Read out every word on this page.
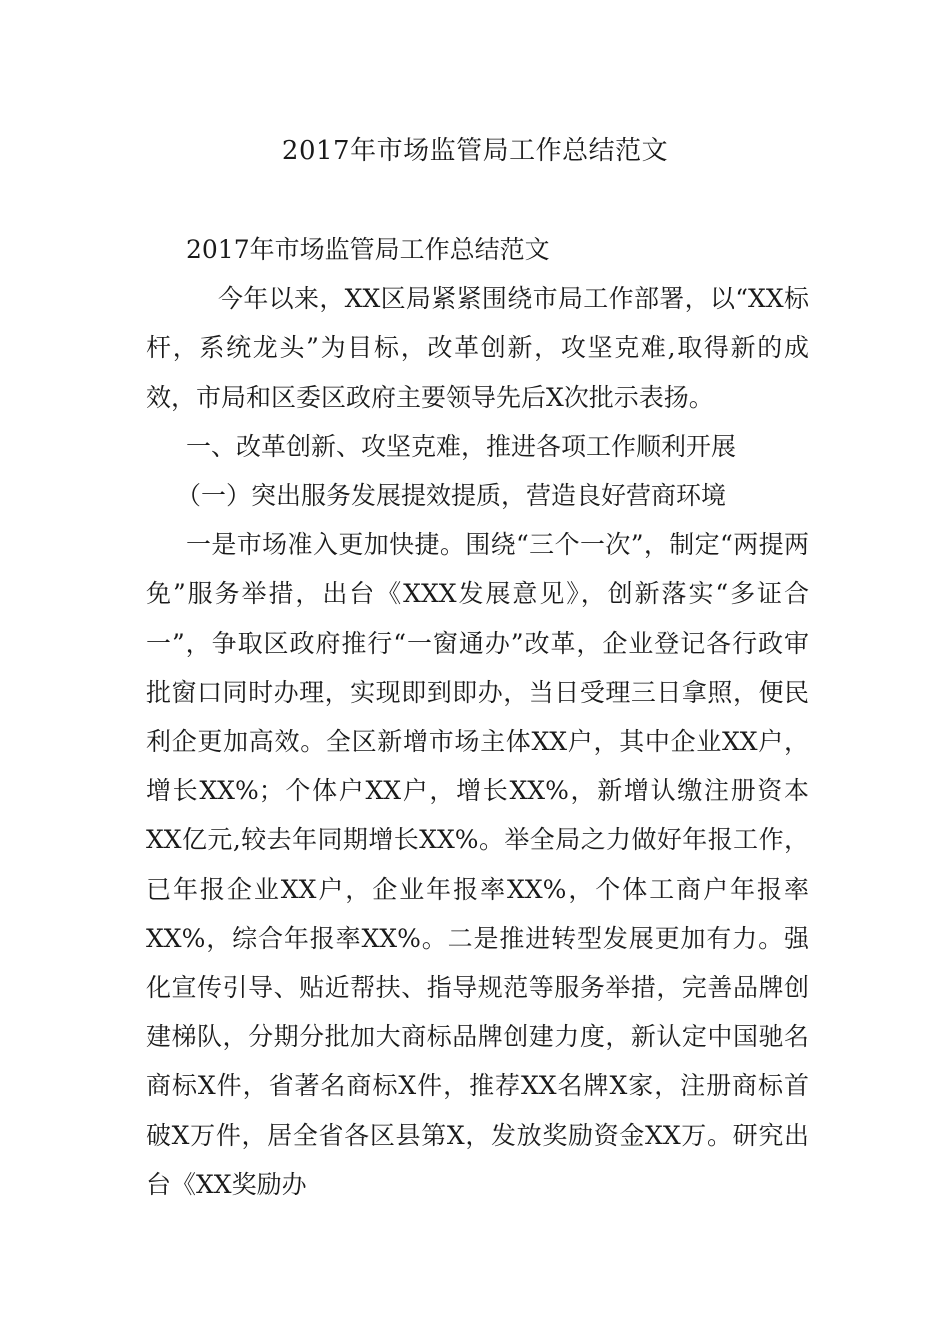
2017年市场监管局工作总结范文

2017年市场监管局工作总结范文

今年以来，XX区局紧紧围绕市局工作部署，以“XX标杆，系统龙头”为目标，改革创新，攻坚克难,取得新的成效，市局和区委区政府主要领导先后X次批示表扬。

一、改革创新、攻坚克难，推进各项工作顺利开展

（一）突出服务发展提效提质，营造良好营商环境

一是市场准入更加快捷。围绕“三个一次”，制定“两提两免”服务举措，出台《XXX发展意见》，创新落实“多证合一”，争取区政府推行“一窗通办”改革，企业登记各行政审批窗口同时办理，实现即到即办，当日受理三日拿照，便民利企更加高效。全区新增市场主体XX户，其中企业XX户，增长XX%；个体户XX户，增长XX%，新增认缴注册资本XX亿元,较去年同期增长XX%。举全局之力做好年报工作，已年报企业XX户，企业年报率XX%，个体工商户年报率XX%，综合年报率XX%。二是推进转型发展更加有力。强化宣传引导、贴近帮扶、指导规范等服务举措，完善品牌创建梯队，分期分批加大商标品牌创建力度，新认定中国驰名商标X件，省著名商标X件，推荐XX名牌X家，注册商标首破X万件，居全省各区县第X，发放奖励资金XX万。研究出台《XX奖励办
